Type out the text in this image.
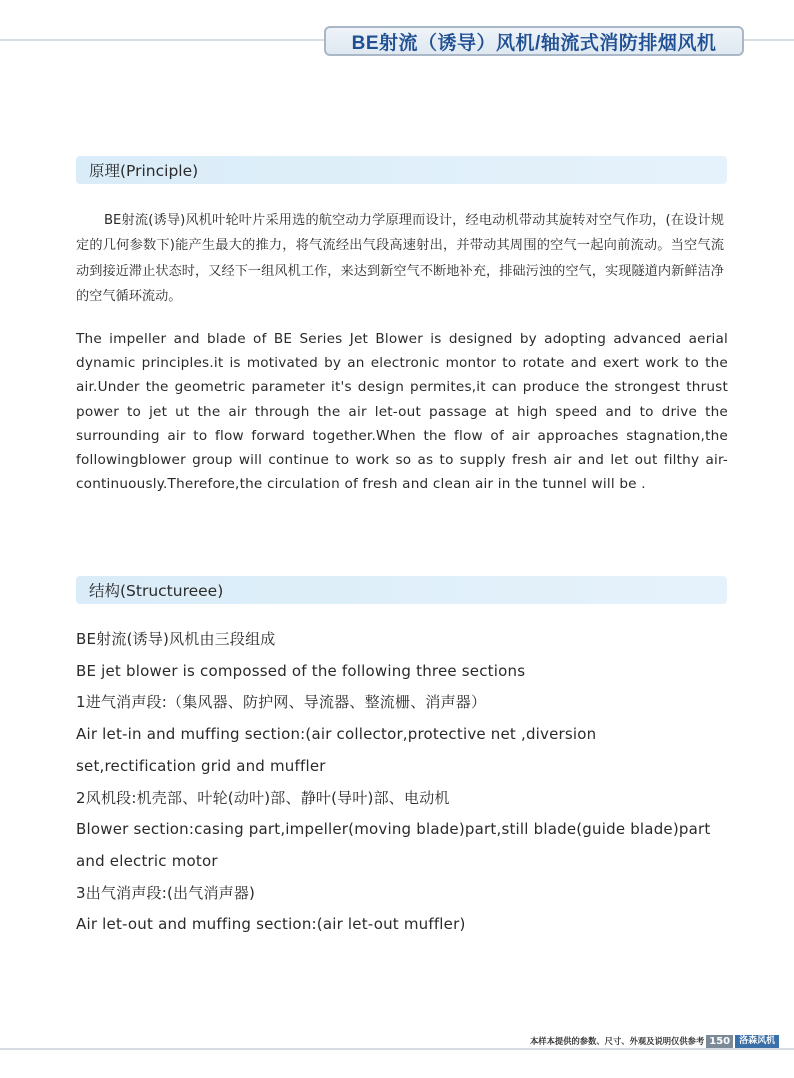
BE射流（诱导）风机/轴流式消防排烟风机
原理(Principle)

BE射流(诱导)风机叶轮叶片采用选的航空动力学原理而设计，经电动机带动其旋转对空气作功，(在设计规定的几何参数下)能产生最大的推力，将气流经出气段高速射出，并带动其周围的空气一起向前流动。当空气流动到接近滞止状态时，又经下一组风机工作，来达到新空气不断地补充，排础污浊的空气，实现隧道内新鲜洁净的空气循环流动。

The impeller and blade of BE Series Jet Blower is designed by adopting advanced aerial dynamic principles.it is motivated by an electronic montor to rotate and exert work to the air.Under the geometric parameter it's design permites,it can produce the strongest thrust power to jet ut the air through the air let-out passage at high speed and to drive the surrounding air to flow forward together.When the flow of air approaches stagnation,the followingblower group will continue to work so as to supply fresh air and let out filthy air-continuously.Therefore,the circulation of fresh and clean air in the tunnel will be .

结构(Structureee)
BE射流(诱导)风机由三段组成
BE jet blower is compossed of the following three sections
1进气消声段:（集风器、防护网、导流器、整流栅、消声器）
Air let-in and muffing section:(air collector,protective net ,diversion
set,rectification grid and muffler
2风机段:机壳部、叶轮(动叶)部、静叶(导叶)部、电动机
Blower section:casing part,impeller(moving blade)part,still blade(guide blade)part
and electric motor
3出气消声段:(出气消声器)
Air let-out and muffing section:(air let-out muffler)
本样本提供的参数、尺寸、外观及说明仅供参考 150	洛森风机
